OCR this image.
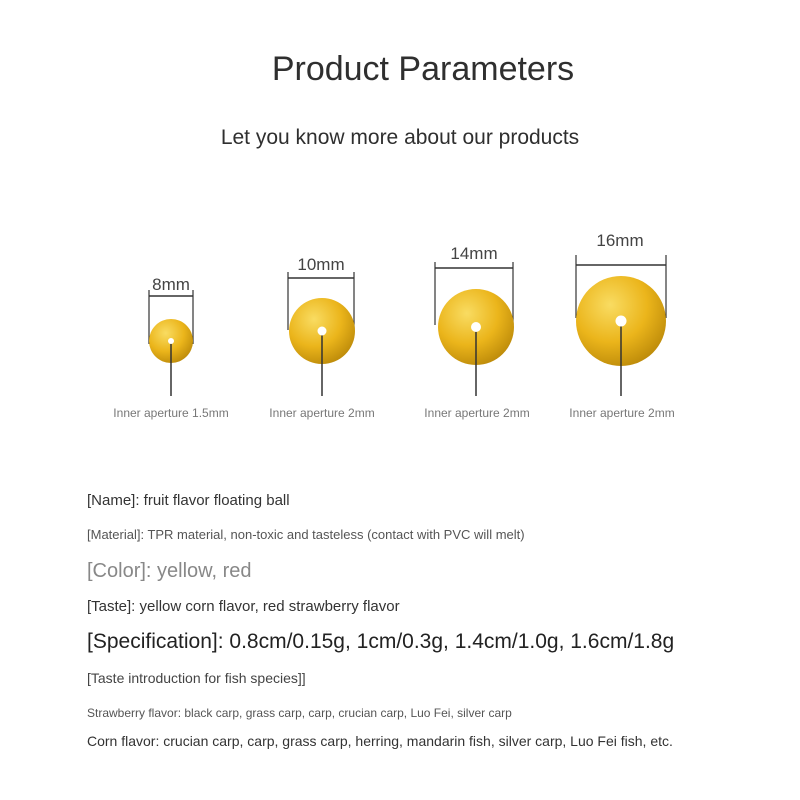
Product Parameters
Let you know more about our products
8mm
10mm
14mm
16mm
Inner aperture 1.5mm	Inner aperture 2mm	Inner aperture 2mm	Inner aperture 2mm
[Name]: fruit flavor floating ball
[Material]: TPR material, non-toxic and tasteless (contact with PVC will melt)
[Color]: yellow, red
[Taste]: yellow corn flavor, red strawberry flavor
[Specification]: 0.8cm/0.15g, 1cm/0.3g, 1.4cm/1.0g, 1.6cm/1.8g
[Taste introduction for fish species]]
Strawberry flavor: black carp, grass carp, carp, crucian carp, Luo Fei, silver carp
Corn flavor: crucian carp, carp, grass carp, herring, mandarin fish, silver carp, Luo Fei fish, etc.
